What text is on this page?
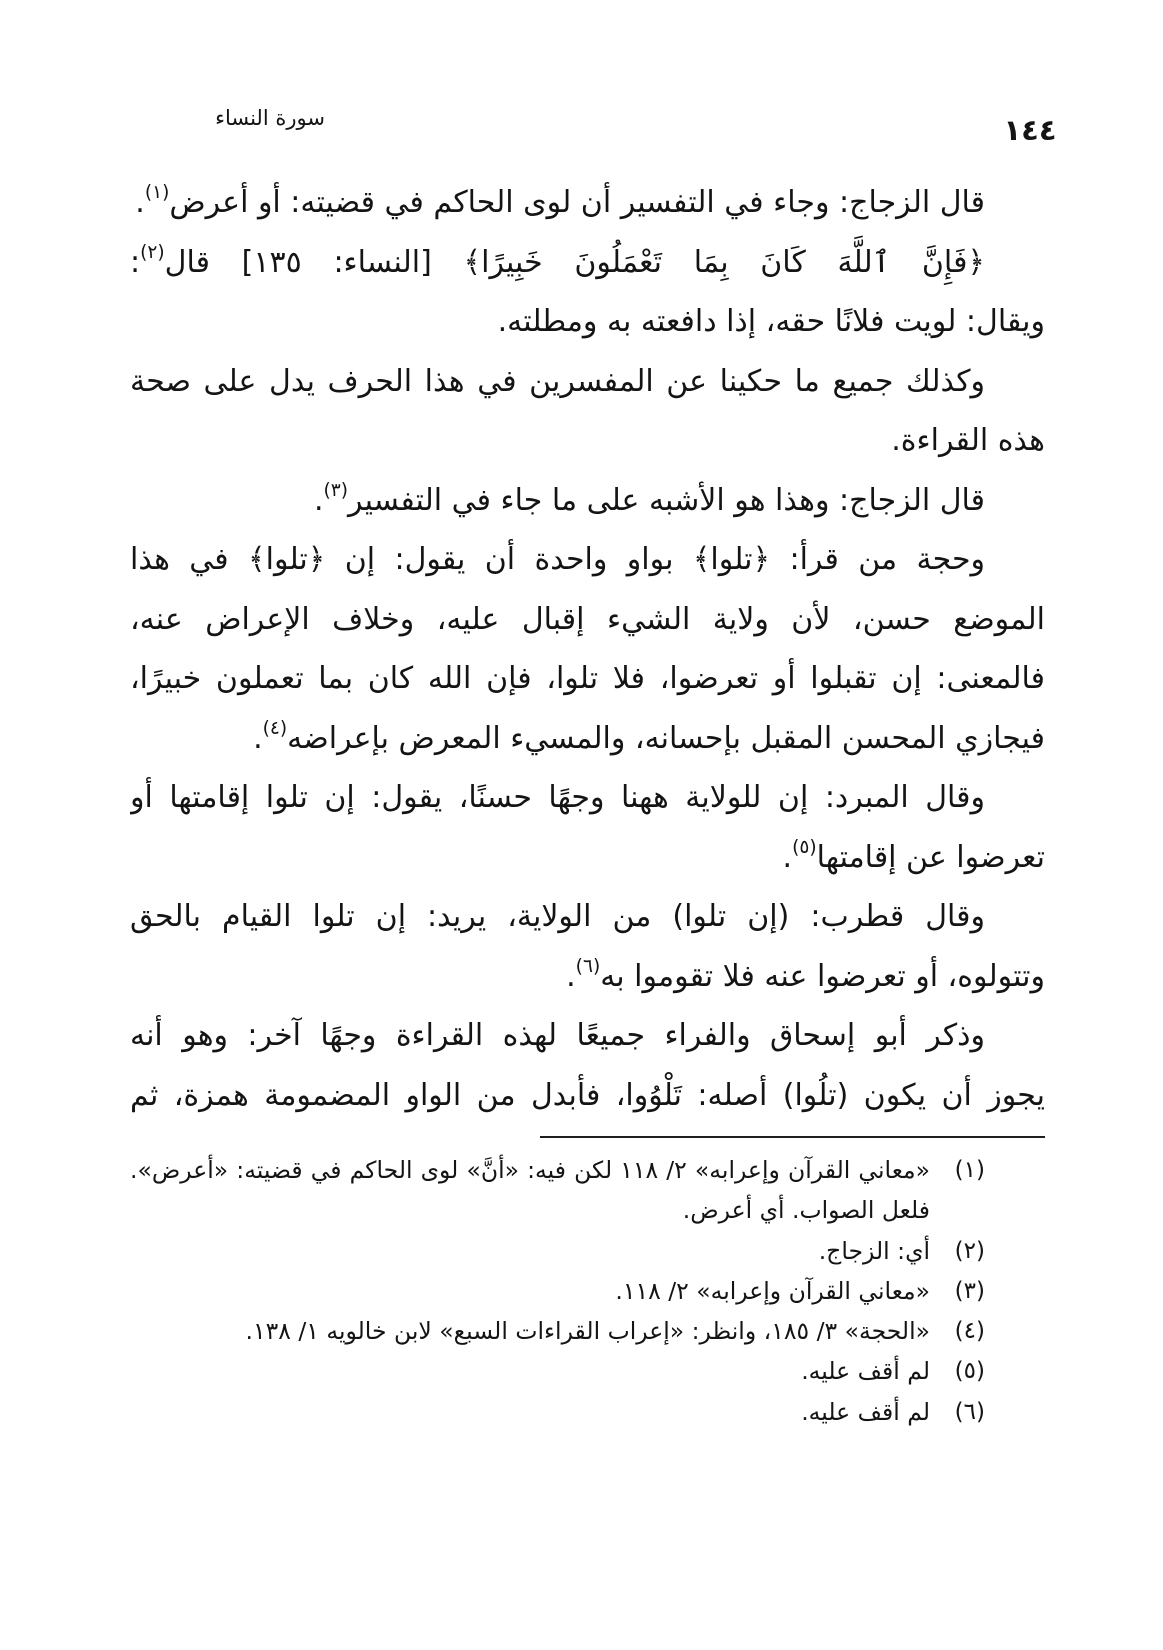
سورة النساء	١٤٤
قال الزجاج: وجاء في التفسير أن لوى الحاكم في قضيته: أو أعرض$^{(١)}$.
﴿فَإِنَّ ٱللَّهَ كَانَ بِمَا تَعْمَلُونَ خَبِيرًا﴾ [النساء: ١٣٥] قال$^{(٢)}$:
ويقال: لويت فلانًا حقه، إذا دافعته به ومطلته.
وكذلك جميع ما حكينا عن المفسرين في هذا الحرف يدل على صحة
هذه القراءة.
قال الزجاج: وهذا هو الأشبه على ما جاء في التفسير$^{(٣)}$.
وحجة من قرأ: ﴿تلوا﴾ بواو واحدة أن يقول: إن ﴿تلوا﴾ في هذا
الموضع حسن، لأن ولاية الشيء إقبال عليه، وخلاف الإعراض عنه،
فالمعنى: إن تقبلوا أو تعرضوا، فلا تلوا، فإن الله كان بما تعملون خبيرًا،
فيجازي المحسن المقبل بإحسانه، والمسيء المعرض بإعراضه$^{(٤)}$.
وقال المبرد: إن للولاية ههنا وجهًا حسنًا، يقول: إن تلوا إقامتها أو
تعرضوا عن إقامتها$^{(٥)}$.
وقال قطرب: (إن تلوا) من الولاية، يريد: إن تلوا القيام بالحق
وتتولوه، أو تعرضوا عنه فلا تقوموا به$^{(٦)}$.
وذكر أبو إسحاق والفراء جميعًا لهذه القراءة وجهًا آخر: وهو أنه
يجوز أن يكون (تلُوا) أصله: تَلْوُوا، فأبدل من الواو المضمومة همزة، ثم
(١)
«معاني القرآن وإعرابه» ٢/ ١١٨ لكن فيه: «أنَّ» لوى الحاكم في قضيته: «أعرض».
فلعل الصواب. أي أعرض.
(٢)
أي: الزجاج.
(٣)
«معاني القرآن وإعرابه» ٢/ ١١٨.
(٤)
«الحجة» ٣/ ١٨٥، وانظر: «إعراب القراءات السبع» لابن خالويه ١/ ١٣٨.
(٥)
لم أقف عليه.
(٦)
لم أقف عليه.
